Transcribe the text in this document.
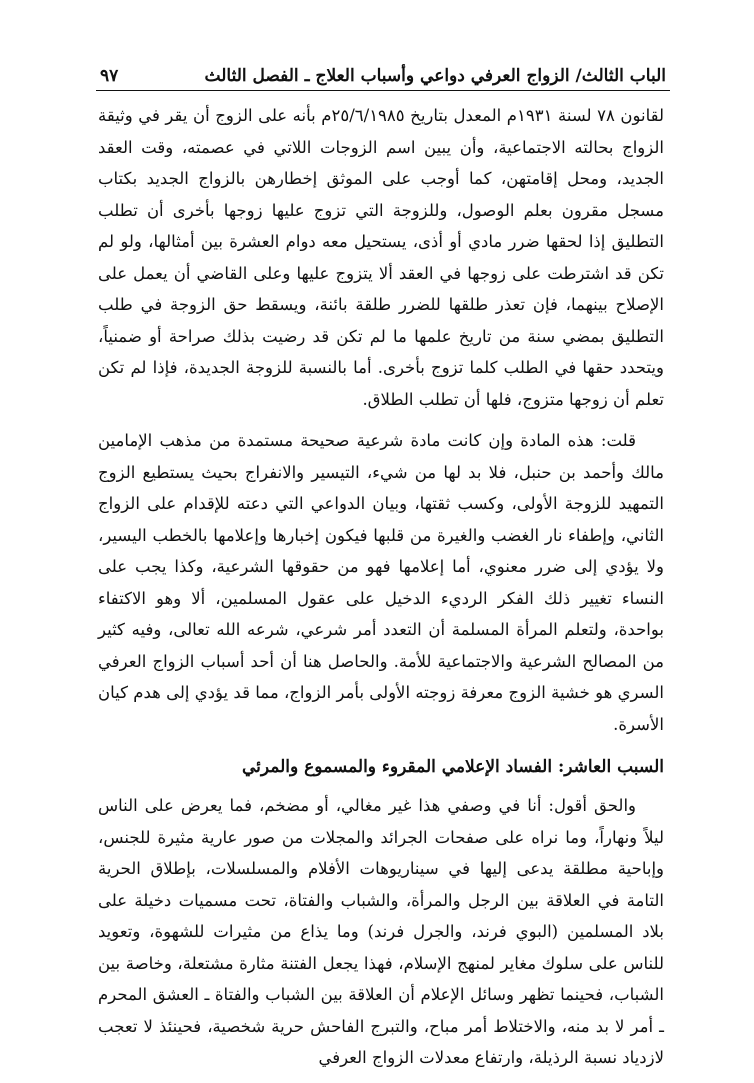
الباب الثالث/ الزواج العرفي دواعي وأسباب العلاج ـ الفصل الثالث
٩٧

لقانون ٧٨ لسنة ١٩٣١م المعدل بتاريخ ٢٥/٦/١٩٨٥م بأنه على الزوج أن يقر في وثيقة الزواج بحالته الاجتماعية، وأن يبين اسم الزوجات اللاتي في عصمته، وقت العقد الجديد، ومحل إقامتهن، كما أوجب على الموثق إخطارهن بالزواج الجديد بكتاب مسجل مقرون بعلم الوصول، وللزوجة التي تزوج عليها زوجها بأخرى أن تطلب التطليق إذا لحقها ضرر مادي أو أذى، يستحيل معه دوام العشرة بين أمثالها، ولو لم تكن قد اشترطت على زوجها في العقد ألا يتزوج عليها وعلى القاضي أن يعمل على الإصلاح بينهما، فإن تعذر طلقها للضرر طلقة بائنة، ويسقط حق الزوجة في طلب التطليق بمضي سنة من تاريخ علمها ما لم تكن قد رضيت بذلك صراحة أو ضمنياً، ويتحدد حقها في الطلب كلما تزوج بأخرى. أما بالنسبة للزوجة الجديدة، فإذا لم تكن تعلم أن زوجها متزوج، فلها أن تطلب الطلاق.

قلت: هذه المادة وإن كانت مادة شرعية صحيحة مستمدة من مذهب الإمامين مالك وأحمد بن حنبل، فلا بد لها من شيء، التيسير والانفراج بحيث يستطيع الزوج التمهيد للزوجة الأولى، وكسب ثقتها، وبيان الدواعي التي دعته للإقدام على الزواج الثاني، وإطفاء نار الغضب والغيرة من قلبها فيكون إخبارها وإعلامها بالخطب اليسير، ولا يؤدي إلى ضرر معنوي، أما إعلامها فهو من حقوقها الشرعية، وكذا يجب على النساء تغيير ذلك الفكر الرديء الدخيل على عقول المسلمين، ألا وهو الاكتفاء بواحدة، ولتعلم المرأة المسلمة أن التعدد أمر شرعي، شرعه الله تعالى، وفيه كثير من المصالح الشرعية والاجتماعية للأمة. والحاصل هنا أن أحد أسباب الزواج العرفي السري هو خشية الزوج معرفة زوجته الأولى بأمر الزواج، مما قد يؤدي إلى هدم كيان الأسرة.

السبب العاشر: الفساد الإعلامي المقروء والمسموع والمرئي

والحق أقول: أنا في وصفي هذا غير مغالي، أو مضخم، فما يعرض على الناس ليلاً ونهاراً، وما نراه على صفحات الجرائد والمجلات من صور عارية مثيرة للجنس، وإباحية مطلقة يدعى إليها في سيناريوهات الأفلام والمسلسلات، بإطلاق الحرية التامة في العلاقة بين الرجل والمرأة، والشباب والفتاة، تحت مسميات دخيلة على بلاد المسلمين (البوي فرند، والجرل فرند) وما يذاع من مثيرات للشهوة، وتعويد للناس على سلوك مغاير لمنهج الإسلام، فهذا يجعل الفتنة مثارة مشتعلة، وخاصة بين الشباب، فحينما تظهر وسائل الإعلام أن العلاقة بين الشباب والفتاة ـ العشق المحرم ـ أمر لا بد منه، والاختلاط أمر مباح، والتبرج الفاحش حرية شخصية، فحينئذ لا تعجب لازدياد نسبة الرذيلة، وارتفاع معدلات الزواج العرفي
